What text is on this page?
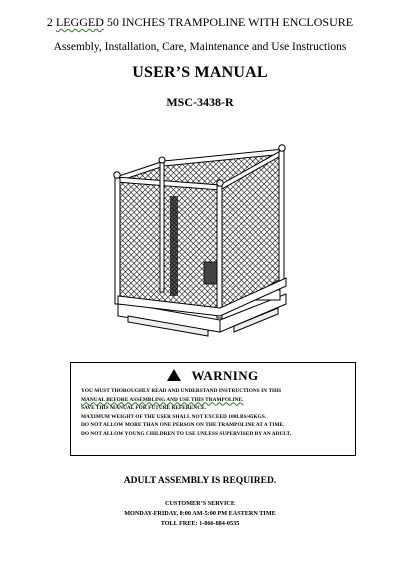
2 LEGGED 50 INCHES TRAMPOLINE WITH ENCLOSURE
Assembly, Installation, Care, Maintenance and Use Instructions
USER’S MANUAL
MSC-3438-R
WARNING
YOU MUST THOROUGHLY READ AND UNDERSTAND INSTRUCTIONS IN THIS
MANUAL BEFORE ASSEMBLING AND USE THIS TRAMPOLINE.
SAVE THIS MANUAL FOR FUTURE REFERENCE.
MAXIMUM WEIGHT OF THE USER SHALL NOT EXCEED 100LBS/45KGS.
DO NOT ALLOW MORE THAN ONE PERSON ON THE TRAMPOLINE AT A TIME.
DO NOT ALLOW YOUNG CHILDREN TO USE UNLESS SUPERVISED BY AN ADULT.
ADULT ASSEMBLY IS REQUIRED.
CUSTOMER’S SERVICE
MONDAY-FRIDAY, 8:00 AM-5:00 PM EASTERN TIME
TOLL FREE: 1-866-884-0535
